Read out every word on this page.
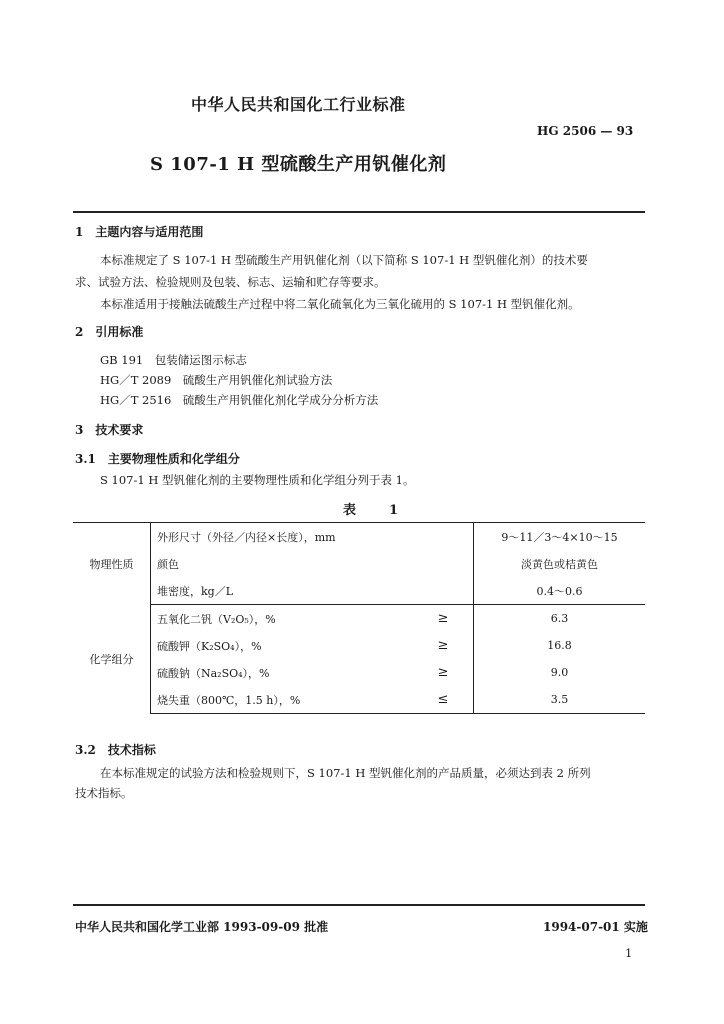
中华人民共和国化工行业标准
HG 2506 — 93
S 107-1 H 型硫酸生产用钒催化剂
1　主题内容与适用范围
本标准规定了 S 107-1 H 型硫酸生产用钒催化剂（以下简称 S 107-1 H 型钒催化剂）的技术要
求、试验方法、检验规则及包装、标志、运输和贮存等要求。
本标准适用于接触法硫酸生产过程中将二氧化硫氧化为三氧化硫用的 S 107-1 H 型钒催化剂。
2　引用标准
GB 191　包装储运图示标志
HG／T 2089　硫酸生产用钒催化剂试验方法
HG／T 2516　硫酸生产用钒催化剂化学成分分析方法
3　技术要求
3.1　主要物理性质和化学组分
S 107-1 H 型钒催化剂的主要物理性质和化学组分列于表 1。
表　1
物理性质	外形尺寸（外径／内径×长度），mm		9～11／3～4×10～15
	颜色		淡黄色或桔黄色
	堆密度，kg／L		0.4～0.6
化学组分	五氧化二钒（V₂O₅），%	≥	6.3
	硫酸钾（K₂SO₄），%	≥	16.8
	硫酸钠（Na₂SO₄），%	≥	9.0
	烧失重（800℃，1.5 h），%	≤	3.5
3.2　技术指标
在本标准规定的试验方法和检验规则下，S 107-1 H 型钒催化剂的产品质量，必须达到表 2 所列
技术指标。
中华人民共和国化学工业部 1993-09-09 批准	1994-07-01 实施
1
